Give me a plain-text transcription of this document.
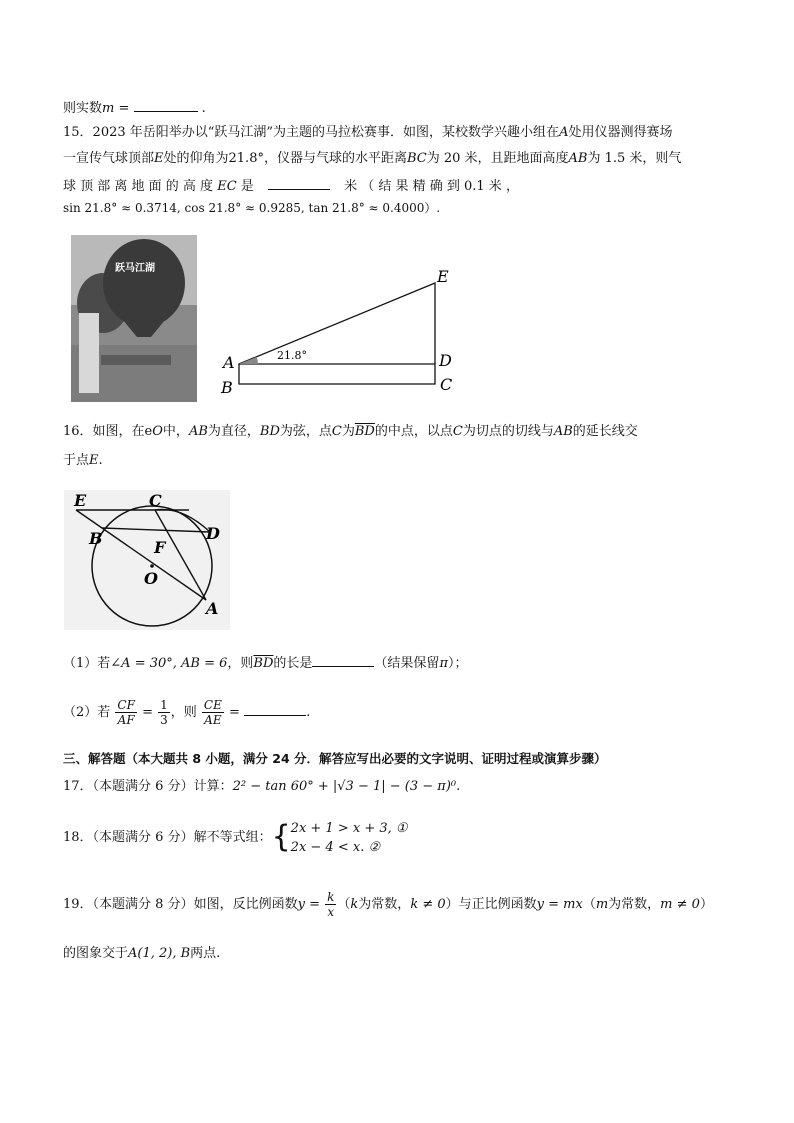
则实数m =	.
15．2023 年岳阳举办以“跃马江湖”为主题的马拉松赛事．如图，某校数学兴趣小组在A处用仪器测得赛场
一宣传气球顶部E处的仰角为21.8°，仪器与气球的水平距离BC为 20 米，且距地面高度AB为 1.5 米，则气
球 顶 部 离 地 面 的 高 度 EC 是	米 （ 结 果 精 确 到 0.1 米 ，
sin 21.8° ≈ 0.3714, cos 21.8° ≈ 0.9285, tan 21.8° ≈ 0.4000）.
跃马江湖
21.8°
E
D
C
A
B
16．如图，在eO中，AB为直径，BD为弦，点C为$\overline{BD}$的中点，以点C为切点的切线与AB的延长线交
于点E.
E	C
D
B	F
O
A
（1）若∠A = 30°, AB = 6，则$\overline{BD}$的长是	（结果保留π）；
（2）若 $\frac{CF}{AF} = \frac{1}{3}$ ，则 $\frac{CE}{AE}$ =	.
三、解答题（本大题共 8 小题，满分 24 分．解答应写出必要的文字说明、证明过程或演算步骤）
17．（本题满分 6 分）计算：2² − tan 60° + |√3 − 1| − (3 − π)⁰.
18．（本题满分 6 分）解不等式组：{ 2x + 1 > x + 3, ①
2x − 4 < x. ②
19．（本题满分 8 分）如图，反比例函数$y = \frac{k}{x} (k$为常数，k ≠ 0）与正比例函数y = mx（m为常数，m ≠ 0）
的图象交于A(1, 2), B两点.
